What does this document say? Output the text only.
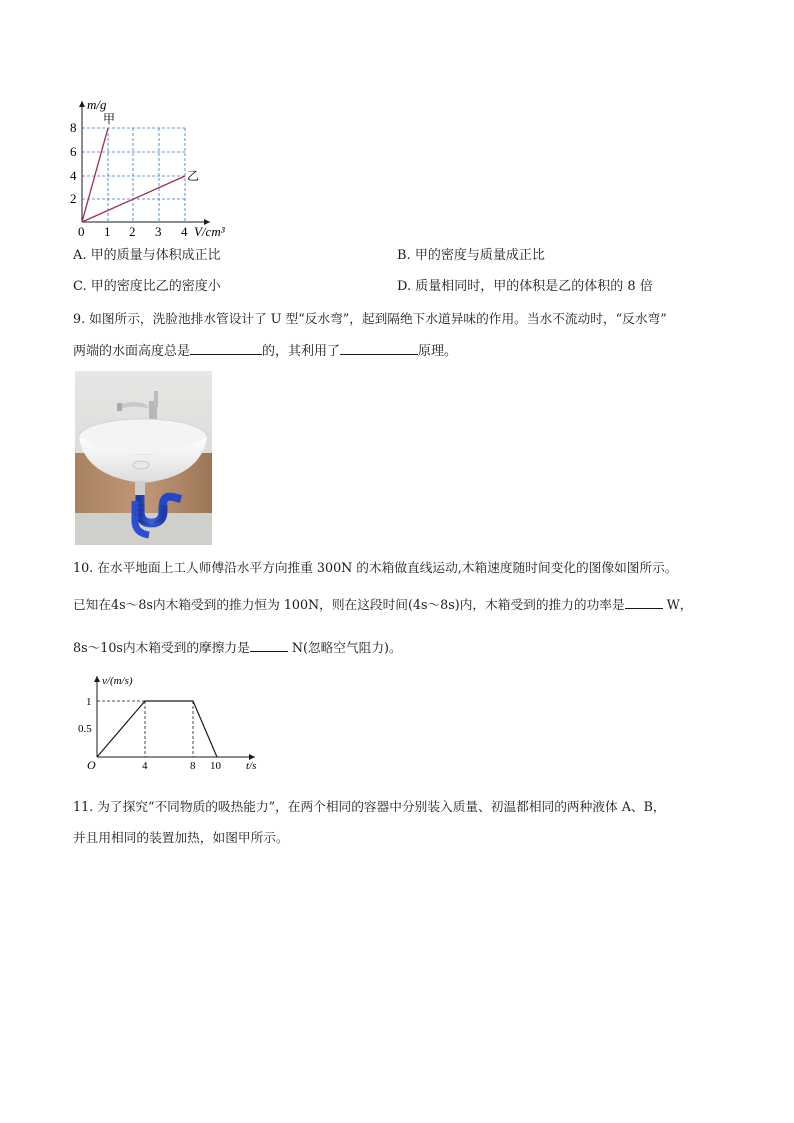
m/g
甲
乙
8
6
4
2
0 1 2 3 4 V/cm³
A. 甲的质量与体积成正比	B. 甲的密度与质量成正比
C. 甲的密度比乙的密度小	D. 质量相同时，甲的体积是乙的体积的 8 倍
9. 如图所示，洗脸池排水管设计了 U 型“反水弯”，起到隔绝下水道异味的作用。当水不流动时，“反水弯”
两端的水面高度总是	的，其利用了	原理。
10. 在水平地面上工人师傅沿水平方向推重 300N 的木箱做直线运动,木箱速度随时间变化的图像如图所示。
已知在4s～8s内木箱受到的推力恒为 100N，则在这段时间(4s～8s)内，木箱受到的推力的功率是	W，
8s～10s内木箱受到的摩擦力是	N(忽略空气阻力)。
v/(m/s)
1
0.5
O	4	8 10 t/s
11. 为了探究“不同物质的吸热能力”，在两个相同的容器中分别装入质量、初温都相同的两种液体 A、B，
并且用相同的装置加热，如图甲所示。
